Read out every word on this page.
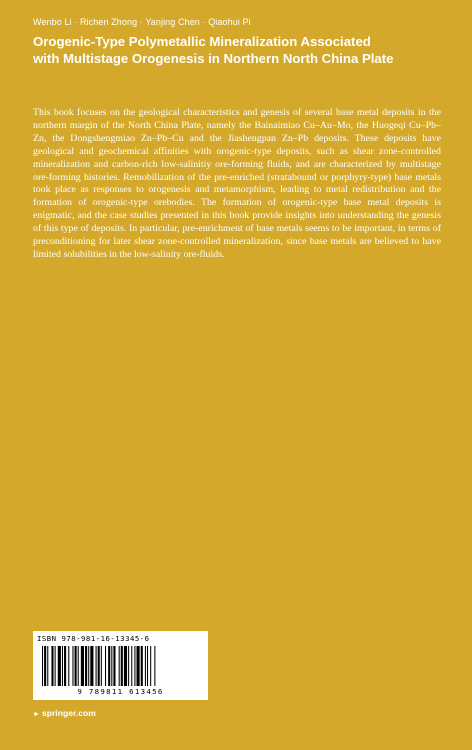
Wenbo Li · Richen Zhong · Yanjing Chen · Qiaohui Pi
Orogenic-Type Polymetallic Mineralization Associated
with Multistage Orogenesis in Northern North China Plate
This book focuses on the geological characteristics and genesis of several base metal deposits in the northern margin of the North China Plate, namely the Bainaimiao Cu–Au–Mo, the Huogeqi Cu–Pb–Zn, the Dongshengmiao Zn–Pb–Cu and the Jiashengpan Zn–Pb deposits. These deposits have geological and geochemical affinities with orogenic-type deposits, such as shear zone-controlled mineralization and carbon-rich low-salinitiy ore-forming fluids, and are characterized by multistage ore-forming histories. Remobilization of the pre-enriched (stratabound or porphyry-type) base metals took place as responses to orogenesis and metamorphism, leading to metal redistribution and the formation of orogenic-type orebodies. The formation of orogenic-type base metal deposits is enigmatic, and the case studies presented in this book provide insights into understanding the genesis of this type of deposits. In particular, pre-enrichment of base metals seems to be important, in terms of preconditioning for later shear zone-controlled mineralization, since base metals are believed to have limited solubilities in the low-salinity ore-fluids.
ISBN 978-981-16-13345-6
9 789811 613456
► springer.com
